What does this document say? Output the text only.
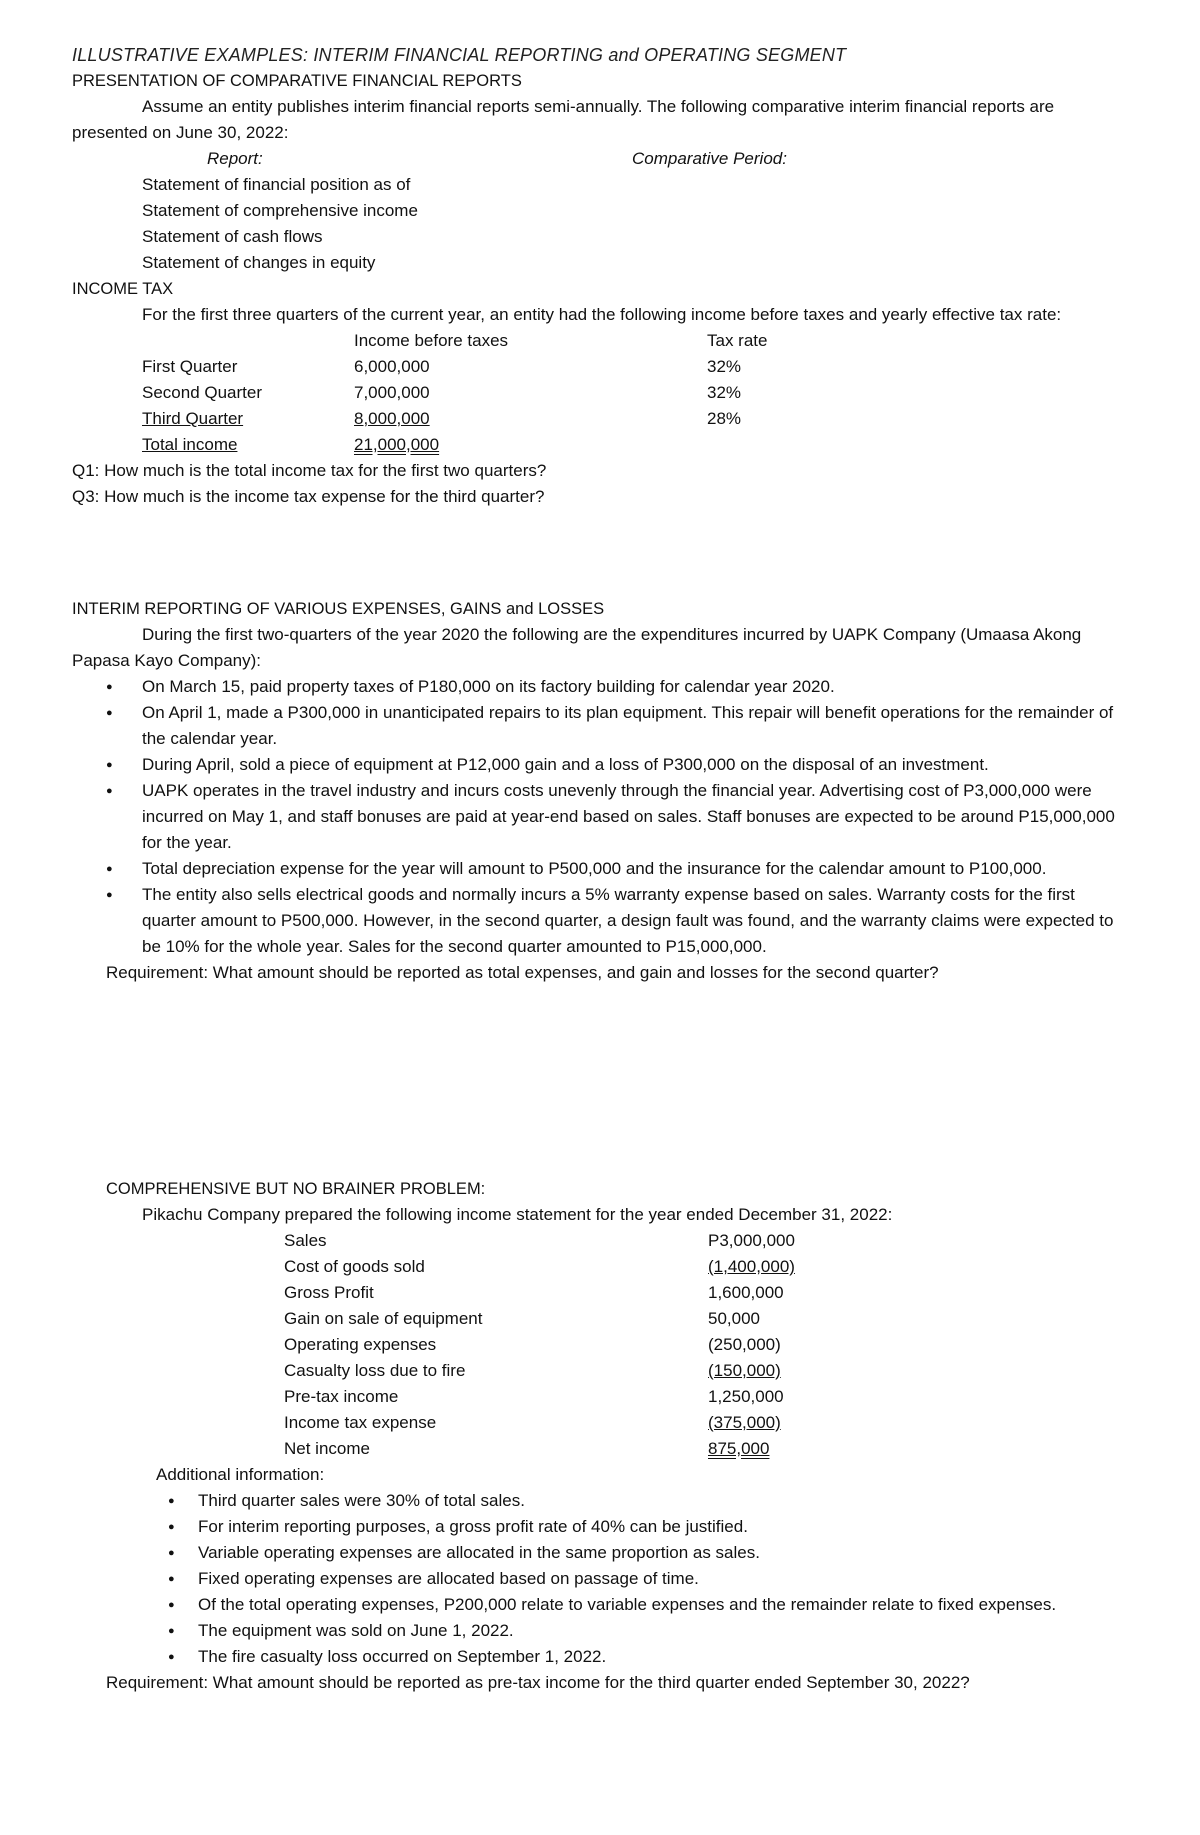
ILLUSTRATIVE EXAMPLES: INTERIM FINANCIAL REPORTING and OPERATING SEGMENT
PRESENTATION OF COMPARATIVE FINANCIAL REPORTS
Assume an entity publishes interim financial reports semi-annually. The following comparative interim financial reports are presented on June 30, 2022:
Report:	Comparative Period:
Statement of financial position as of
Statement of comprehensive income
Statement of cash flows
Statement of changes in equity
INCOME TAX
For the first three quarters of the current year, an entity had the following income before taxes and yearly effective tax rate:
Income before taxes	Tax rate
First Quarter	6,000,000	32%
Second Quarter	7,000,000	32%
Third Quarter	8,000,000	28%
Total income	21,000,000
Q1: How much is the total income tax for the first two quarters?
Q3: How much is the income tax expense for the third quarter?
INTERIM REPORTING OF VARIOUS EXPENSES, GAINS and LOSSES
During the first two-quarters of the year 2020 the following are the expenditures incurred by UAPK Company (Umaasa Akong Papasa Kayo Company):
● On March 15, paid property taxes of P180,000 on its factory building for calendar year 2020.
● On April 1, made a P300,000 in unanticipated repairs to its plan equipment. This repair will benefit operations for the remainder of the calendar year.
● During April, sold a piece of equipment at P12,000 gain and a loss of P300,000 on the disposal of an investment.
● UAPK operates in the travel industry and incurs costs unevenly through the financial year. Advertising cost of P3,000,000 were incurred on May 1, and staff bonuses are paid at year-end based on sales. Staff bonuses are expected to be around P15,000,000 for the year.
● Total depreciation expense for the year will amount to P500,000 and the insurance for the calendar amount to P100,000.
● The entity also sells electrical goods and normally incurs a 5% warranty expense based on sales. Warranty costs for the first quarter amount to P500,000. However, in the second quarter, a design fault was found, and the warranty claims were expected to be 10% for the whole year. Sales for the second quarter amounted to P15,000,000.
Requirement: What amount should be reported as total expenses, and gain and losses for the second quarter?
COMPREHENSIVE BUT NO BRAINER PROBLEM:
Pikachu Company prepared the following income statement for the year ended December 31, 2022:
Sales	P3,000,000
Cost of goods sold	(1,400,000)
Gross Profit	1,600,000
Gain on sale of equipment	50,000
Operating expenses	(250,000)
Casualty loss due to fire	(150,000)
Pre-tax income	1,250,000
Income tax expense	(375,000)
Net income	875,000
Additional information:
● Third quarter sales were 30% of total sales.
● For interim reporting purposes, a gross profit rate of 40% can be justified.
● Variable operating expenses are allocated in the same proportion as sales.
● Fixed operating expenses are allocated based on passage of time.
● Of the total operating expenses, P200,000 relate to variable expenses and the remainder relate to fixed expenses.
● The equipment was sold on June 1, 2022.
● The fire casualty loss occurred on September 1, 2022.
Requirement: What amount should be reported as pre-tax income for the third quarter ended September 30, 2022?
